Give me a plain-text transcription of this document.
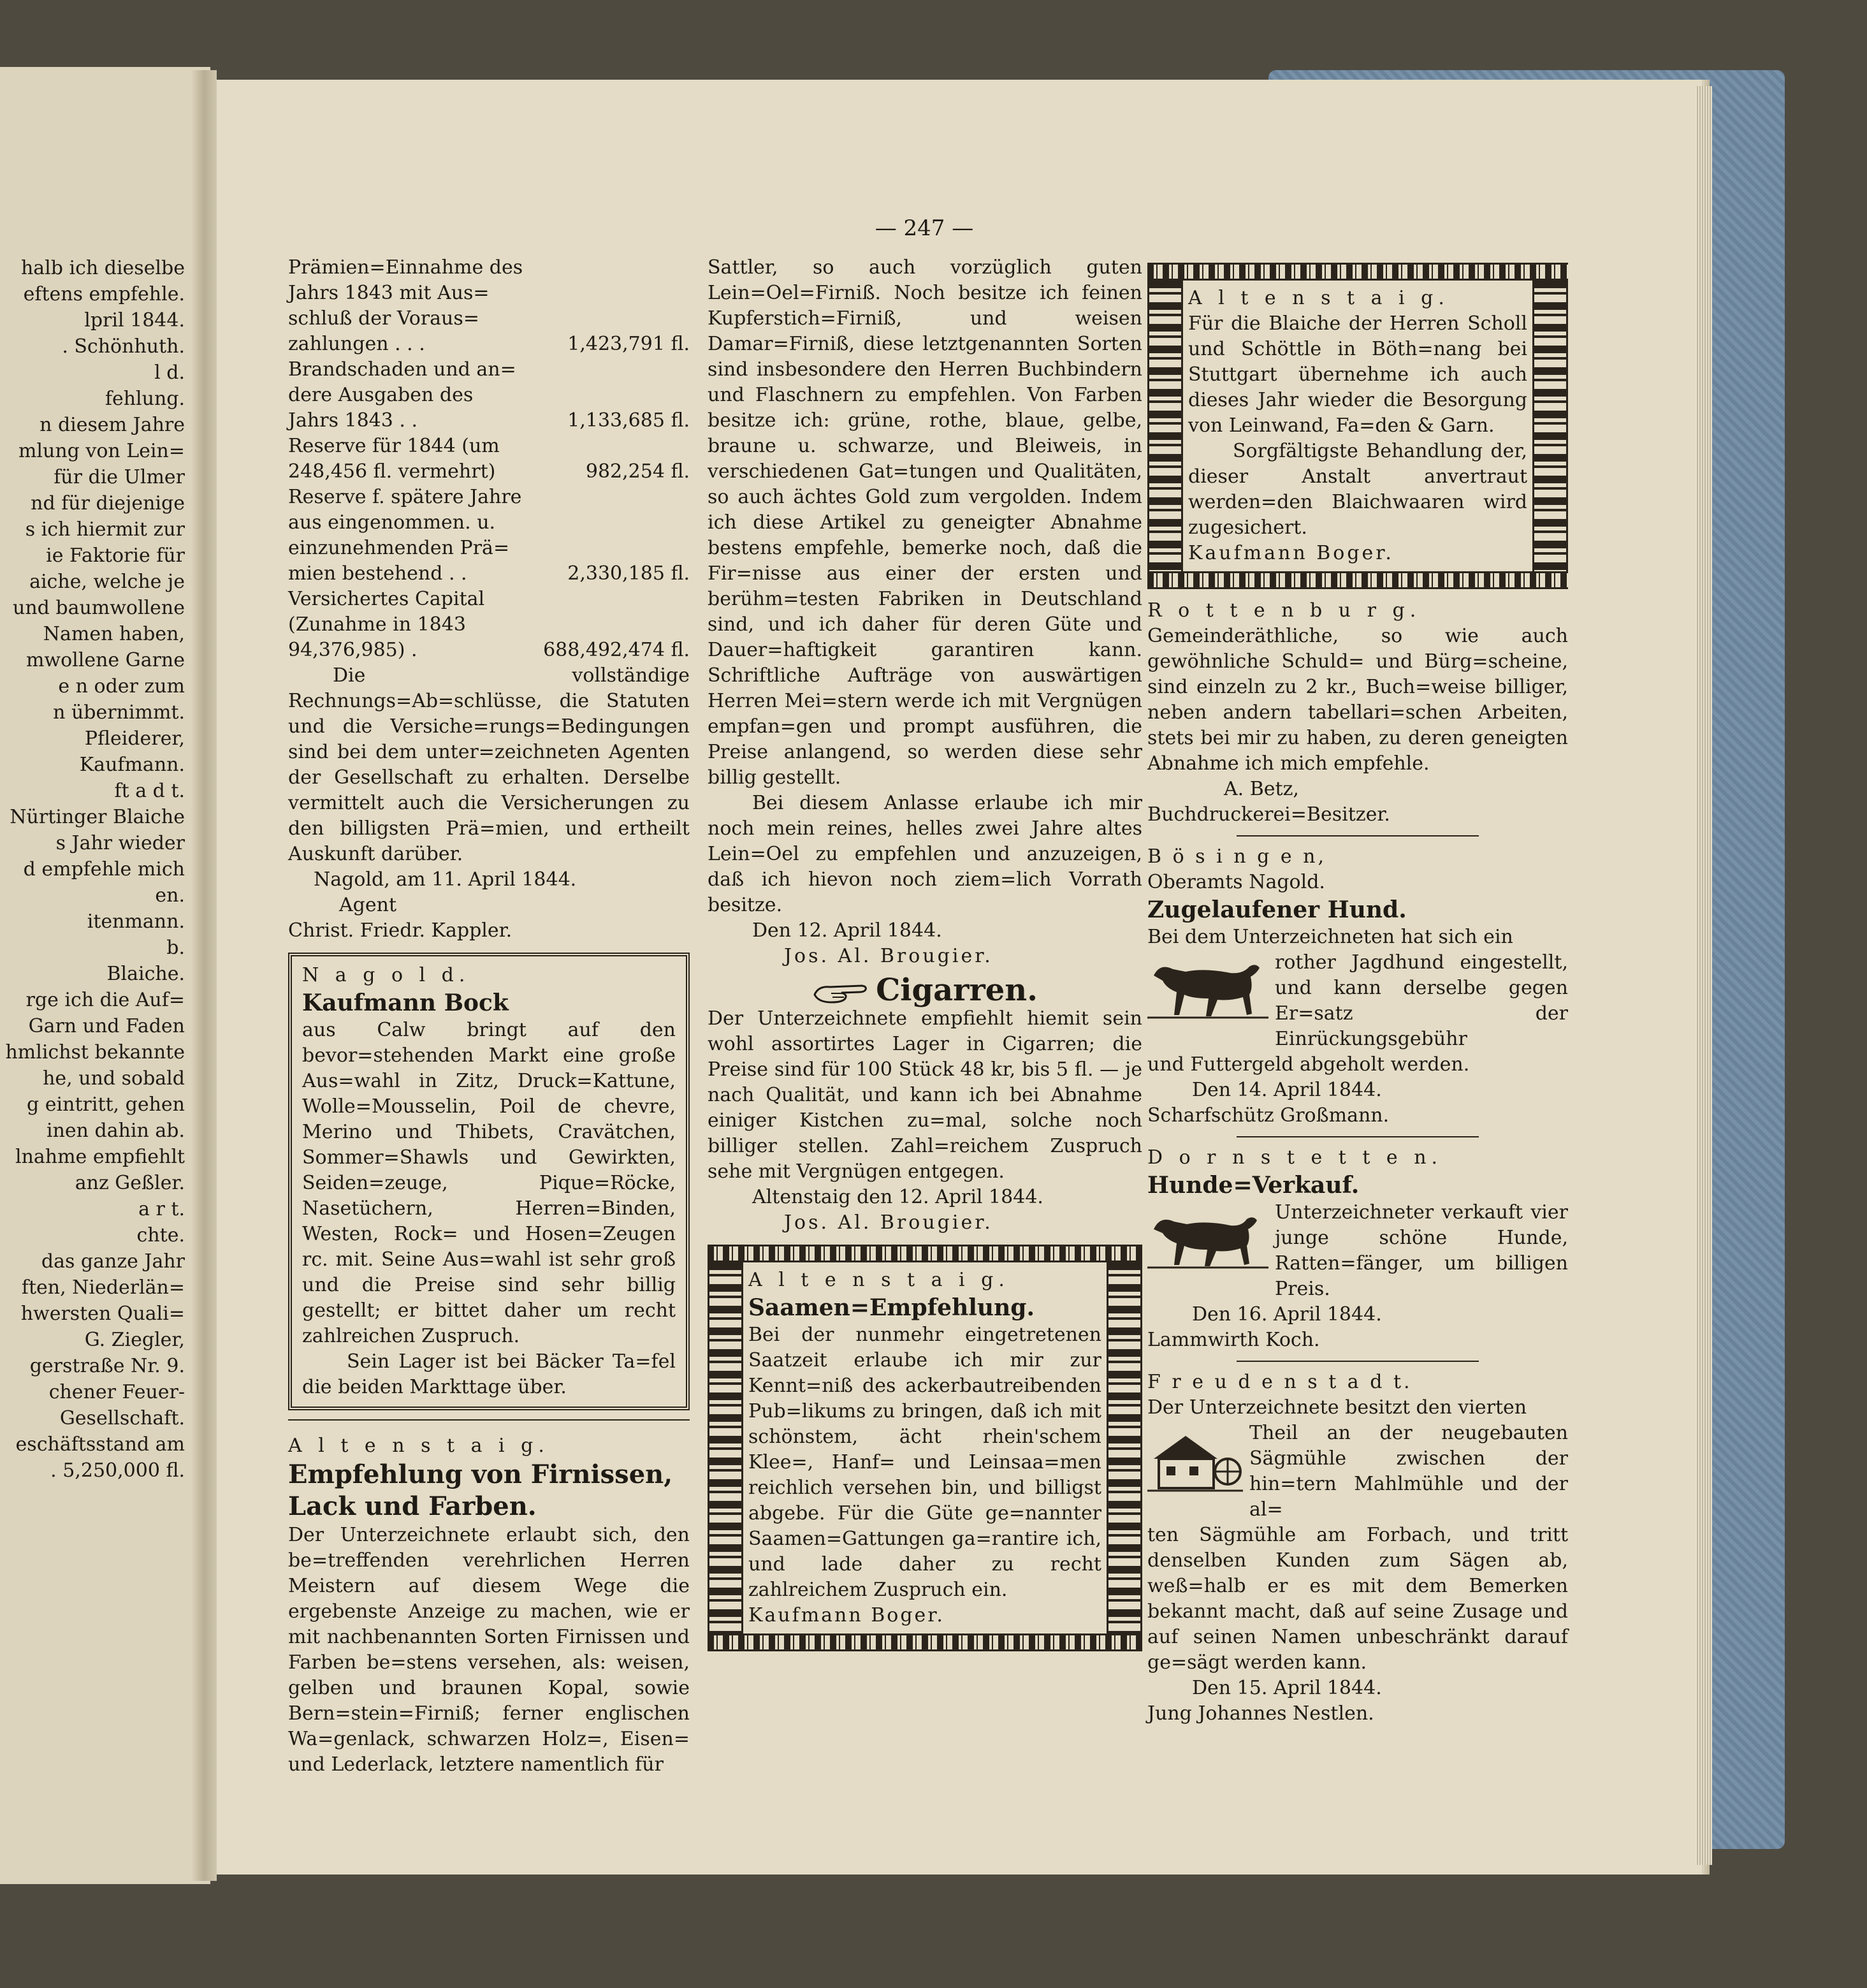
halb ich dieselbe
eftens empfehle.
lpril 1844.
. Schönhuth.
l d.
fehlung.
n diesem Jahre
mlung von Lein=
für die Ulmer
nd für diejenige
s ich hiermit zur
ie Faktorie für
aiche, welche je
und baumwollene
Namen haben,
mwollene Garne
e n oder zum
n übernimmt.
Pfleiderer,
Kaufmann.
ft a d t.
Nürtinger Blaiche
s Jahr wieder
d empfehle mich
en.
itenmann.
b.
Blaiche.
rge ich die Auf=
Garn und Faden
hmlichst bekannte
he, und sobald
g eintritt, gehen
inen dahin ab.
lnahme empfiehlt
anz Geßler.
a r t.
chte.
das ganze Jahr
ften, Niederlän=
hwersten Quali=
G. Ziegler,
gerstraße Nr. 9.
chener Feuer-
Gesellschaft.
eschäftsstand am
. 5,250,000 fl.
— 247 —
Prämien=Einnahme des	
Jahrs 1843 mit Aus=	
schluß der Voraus=	
zahlungen . . .	1,423,791 fl.
Brandschaden und an=	
dere Ausgaben des	
Jahrs 1843 . .	1,133,685 fl.
Reserve für 1844 (um	
248,456 fl. vermehrt)	982,254 fl.
Reserve f. spätere Jahre	
aus eingenommen. u.	
einzunehmenden Prä=	
mien bestehend . .	2,330,185 fl.
Versichertes Capital	
(Zunahme in 1843	
94,376,985) .	688,492,474 fl.

Die vollständige Rechnungs=Ab=schlüsse, die Statuten und die Versiche=rungs=Bedingungen sind bei dem unter=zeichneten Agenten der Gesellschaft zu erhalten. Derselbe vermittelt auch die Versicherungen zu den billigsten Prä=mien, und ertheilt Auskunft darüber.

Nagold, am 11. April 1844.

Agent

Christ. Friedr. Kappler.

N a g o l d.

Kaufmann Bock

aus Calw bringt auf den bevor=stehenden Markt eine große Aus=wahl in Zitz, Druck=Kattune, Wolle=Mousselin, Poil de chevre, Merino und Thibets, Cravätchen, Sommer=Shawls und Gewirkten, Seiden=zeuge, Pique=Röcke, Nasetüchern, Herren=Binden, Westen, Rock= und Hosen=Zeugen rc. mit. Seine Aus=wahl ist sehr groß und die Preise sind sehr billig gestellt; er bittet daher um recht zahlreichen Zuspruch.

Sein Lager ist bei Bäcker Ta=fel die beiden Markttage über.

A l t e n s t a i g.

Empfehlung von Firnissen,

Lack und Farben.

Der Unterzeichnete erlaubt sich, den be=treffenden verehrlichen Herren Meistern auf diesem Wege die ergebenste Anzeige zu machen, wie er mit nachbenannten Sorten Firnissen und Farben be=stens versehen, als: weisen, gelben und braunen Kopal, sowie Bern=stein=Firniß; ferner englischen Wa=genlack, schwarzen Holz=, Eisen= und Lederlack, letztere namentlich für

Sattler, so auch vorzüglich guten Lein=Oel=Firniß. Noch besitze ich feinen Kupferstich=Firniß, und weisen Damar=Firniß, diese letztgenannten Sorten sind insbesondere den Herren Buchbindern und Flaschnern zu empfehlen. Von Farben besitze ich: grüne, rothe, blaue, gelbe, braune u. schwarze, und Bleiweis, in verschiedenen Gat=tungen und Qualitäten, so auch ächtes Gold zum vergolden. Indem ich diese Artikel zu geneigter Abnahme bestens empfehle, bemerke noch, daß die Fir=nisse aus einer der ersten und berühm=testen Fabriken in Deutschland sind, und ich daher für deren Güte und Dauer=haftigkeit garantiren kann. Schriftliche Aufträge von auswärtigen Herren Mei=stern werde ich mit Vergnügen empfan=gen und prompt ausführen, die Preise anlangend, so werden diese sehr billig gestellt.

Bei diesem Anlasse erlaube ich mir noch mein reines, helles zwei Jahre altes Lein=Oel zu empfehlen und anzuzeigen, daß ich hievon noch ziem=lich Vorrath besitze.

Den 12. April 1844.

Jos. Al. Brougier.

Cigarren.

Der Unterzeichnete empfiehlt hiemit sein wohl assortirtes Lager in Cigarren; die Preise sind für 100 Stück 48 kr, bis 5 fl. — je nach Qualität, und kann ich bei Abnahme einiger Kistchen zu=mal, solche noch billiger stellen. Zahl=reichem Zuspruch sehe mit Vergnügen entgegen.

Altenstaig den 12. April 1844.

Jos. Al. Brougier.

A l t e n s t a i g.

Saamen=Empfehlung.

Bei der nunmehr eingetretenen Saatzeit erlaube ich mir zur Kennt=niß des ackerbautreibenden Pub=likums zu bringen, daß ich mit schönstem, ächt rhein'schem Klee=, Hanf= und Leinsaa=men reichlich versehen bin, und billigst abgebe. Für die Güte ge=nannter Saamen=Gattungen ga=rantire ich, und lade daher zu recht zahlreichem Zuspruch ein.

Kaufmann Boger.

A l t e n s t a i g.

Für die Blaiche der Herren Scholl und Schöttle in Böth=nang bei Stuttgart übernehme ich auch dieses Jahr wieder die Besorgung von Leinwand, Fa=den & Garn.

Sorgfältigste Behandlung der, dieser Anstalt anvertraut werden=den Blaichwaaren wird zugesichert.

Kaufmann Boger.

R o t t e n b u r g.

Gemeinderäthliche, so wie auch gewöhnliche Schuld= und Bürg=scheine, sind einzeln zu 2 kr., Buch=weise billiger, neben andern tabellari=schen Arbeiten, stets bei mir zu haben, zu deren geneigten Abnahme ich mich empfehle.

A. Betz,

Buchdruckerei=Besitzer.

B ö s i n g e n,

Oberamts Nagold.

Zugelaufener Hund.

Bei dem Unterzeichneten hat sich ein

rother Jagdhund eingestellt, und kann derselbe gegen Er=satz der Einrückungsgebühr

und Futtergeld abgeholt werden.

Den 14. April 1844.

Scharfschütz Großmann.

D o r n s t e t t e n.

Hunde=Verkauf.

Unterzeichneter verkauft vier junge schöne Hunde, Ratten=fänger, um billigen Preis.

Den 16. April 1844.

Lammwirth Koch.

F r e u d e n s t a d t.

Der Unterzeichnete besitzt den vierten

Theil an der neugebauten Sägmühle zwischen der hin=tern Mahlmühle und der al=

ten Sägmühle am Forbach, und tritt denselben Kunden zum Sägen ab, weß=halb er es mit dem Bemerken bekannt macht, daß auf seine Zusage und auf seinen Namen unbeschränkt darauf ge=sägt werden kann.

Den 15. April 1844.

Jung Johannes Nestlen.
